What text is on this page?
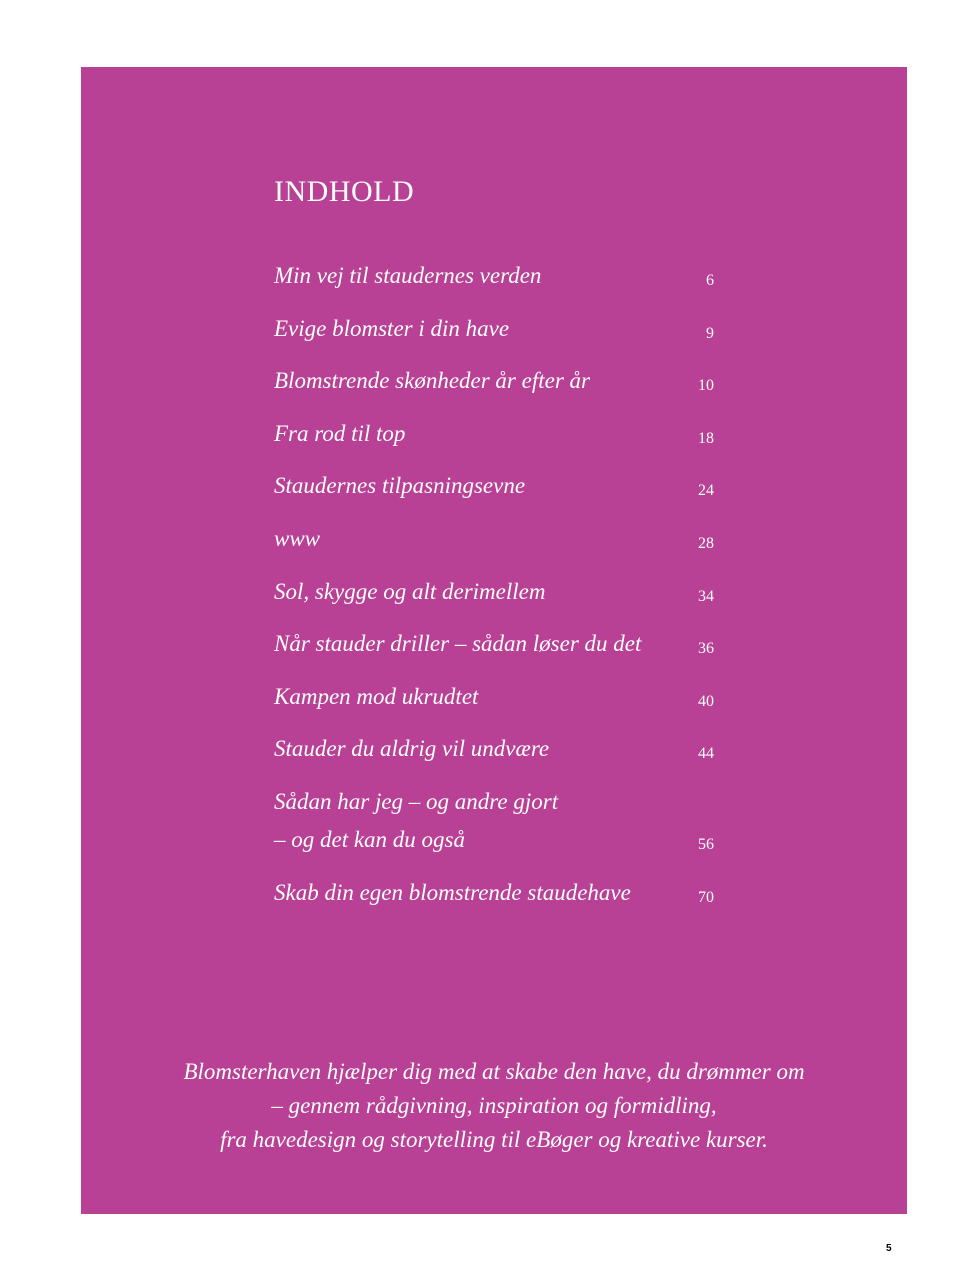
INDHOLD
Min vej til staudernes verden	6
Evige blomster i din have	9
Blomstrende skønheder år efter år	10
Fra rod til top	18
Staudernes tilpasningsevne	24
www	28
Sol, skygge og alt derimellem	34
Når stauder driller – sådan løser du det	36
Kampen mod ukrudtet	40
Stauder du aldrig vil undvære	44
Sådan har jeg – og andre gjort
– og det kan du også	56
Skab din egen blomstrende staudehave	70

Blomsterhaven hjælper dig med at skabe den have, du drømmer om
– gennem rådgivning, inspiration og formidling,
fra havedesign og storytelling til eBøger og kreative kurser.

5
